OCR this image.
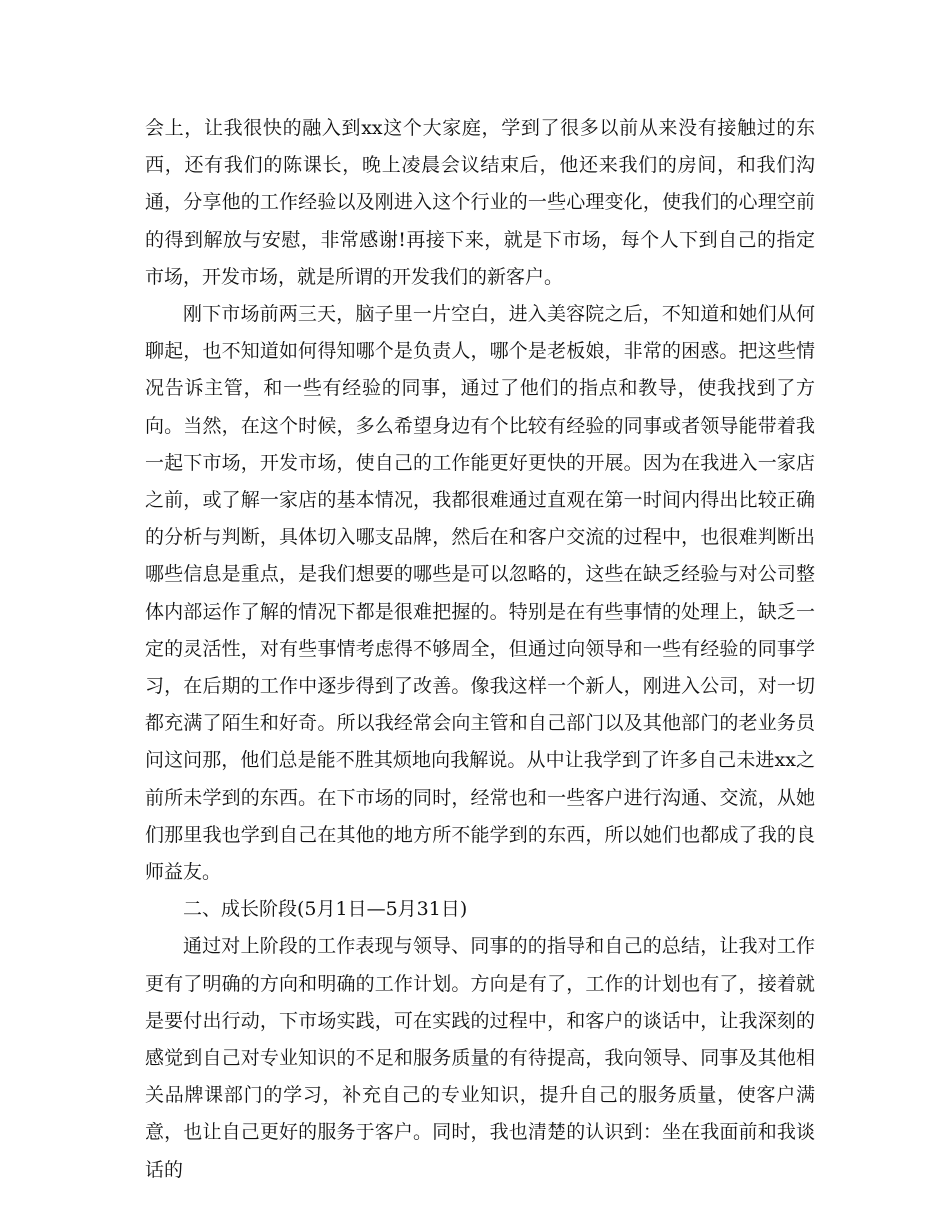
会上，让我很快的融入到xx这个大家庭，学到了很多以前从来没有接触过的东西，还有我们的陈课长，晚上凌晨会议结束后，他还来我们的房间，和我们沟通，分享他的工作经验以及刚进入这个行业的一些心理变化，使我们的心理空前的得到解放与安慰，非常感谢!再接下来，就是下市场，每个人下到自己的指定市场，开发市场，就是所谓的开发我们的新客户。

刚下市场前两三天，脑子里一片空白，进入美容院之后，不知道和她们从何聊起，也不知道如何得知哪个是负责人，哪个是老板娘，非常的困惑。把这些情况告诉主管，和一些有经验的同事，通过了他们的指点和教导，使我找到了方向。当然，在这个时候，多么希望身边有个比较有经验的同事或者领导能带着我一起下市场，开发市场，使自己的工作能更好更快的开展。因为在我进入一家店之前，或了解一家店的基本情况，我都很难通过直观在第一时间内得出比较正确的分析与判断，具体切入哪支品牌，然后在和客户交流的过程中，也很难判断出哪些信息是重点，是我们想要的哪些是可以忽略的，这些在缺乏经验与对公司整体内部运作了解的情况下都是很难把握的。特别是在有些事情的处理上，缺乏一定的灵活性，对有些事情考虑得不够周全，但通过向领导和一些有经验的同事学习，在后期的工作中逐步得到了改善。像我这样一个新人，刚进入公司，对一切都充满了陌生和好奇。所以我经常会向主管和自己部门以及其他部门的老业务员问这问那，他们总是能不胜其烦地向我解说。从中让我学到了许多自己未进xx之前所未学到的东西。在下市场的同时，经常也和一些客户进行沟通、交流，从她们那里我也学到自己在其他的地方所不能学到的东西，所以她们也都成了我的良师益友。

二、成长阶段(5月1日—5月31日)

通过对上阶段的工作表现与领导、同事的的指导和自己的总结，让我对工作更有了明确的方向和明确的工作计划。方向是有了，工作的计划也有了，接着就是要付出行动，下市场实践，可在实践的过程中，和客户的谈话中，让我深刻的感觉到自己对专业知识的不足和服务质量的有待提高，我向领导、同事及其他相关品牌课部门的学习，补充自己的专业知识，提升自己的服务质量，使客户满意，也让自己更好的服务于客户。同时，我也清楚的认识到：坐在我面前和我谈话的
